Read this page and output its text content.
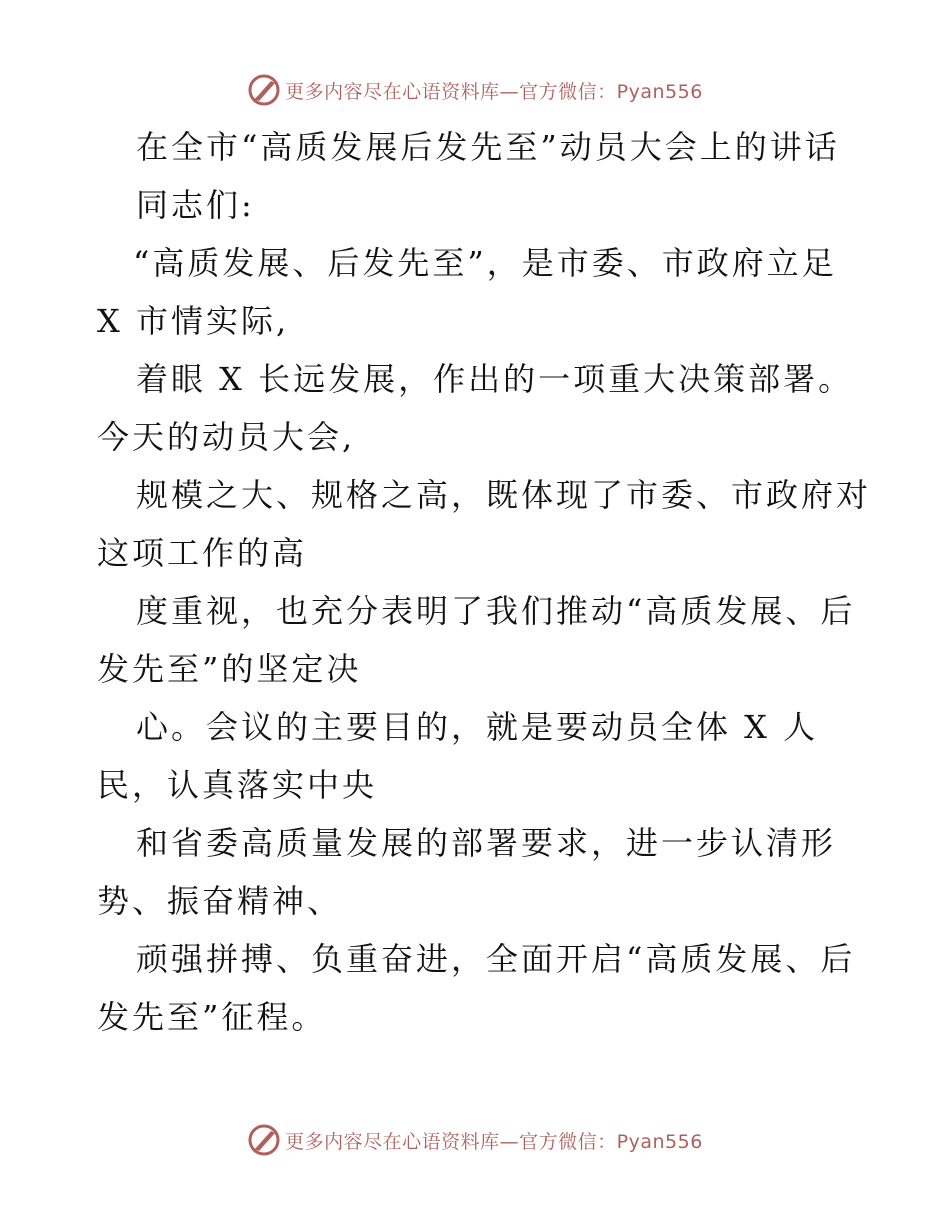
更多内容尽在心语资料库—官方微信：Pyan556
在全市“高质发展后发先至”动员大会上的讲话
同志们:
“高质发展、后发先至”，是市委、市政府立足
X 市情实际,
着眼 X 长远发展，作出的一项重大决策部署。
今天的动员大会,
规模之大、规格之高，既体现了市委、市政府对
这项工作的高
度重视，也充分表明了我们推动“高质发展、后
发先至”的坚定决
心。会议的主要目的，就是要动员全体 X 人
民，认真落实中央
和省委高质量发展的部署要求，进一步认清形
势、振奋精神、
顽强拼搏、负重奋进，全面开启“高质发展、后
发先至”征程。
更多内容尽在心语资料库—官方微信：Pyan556
